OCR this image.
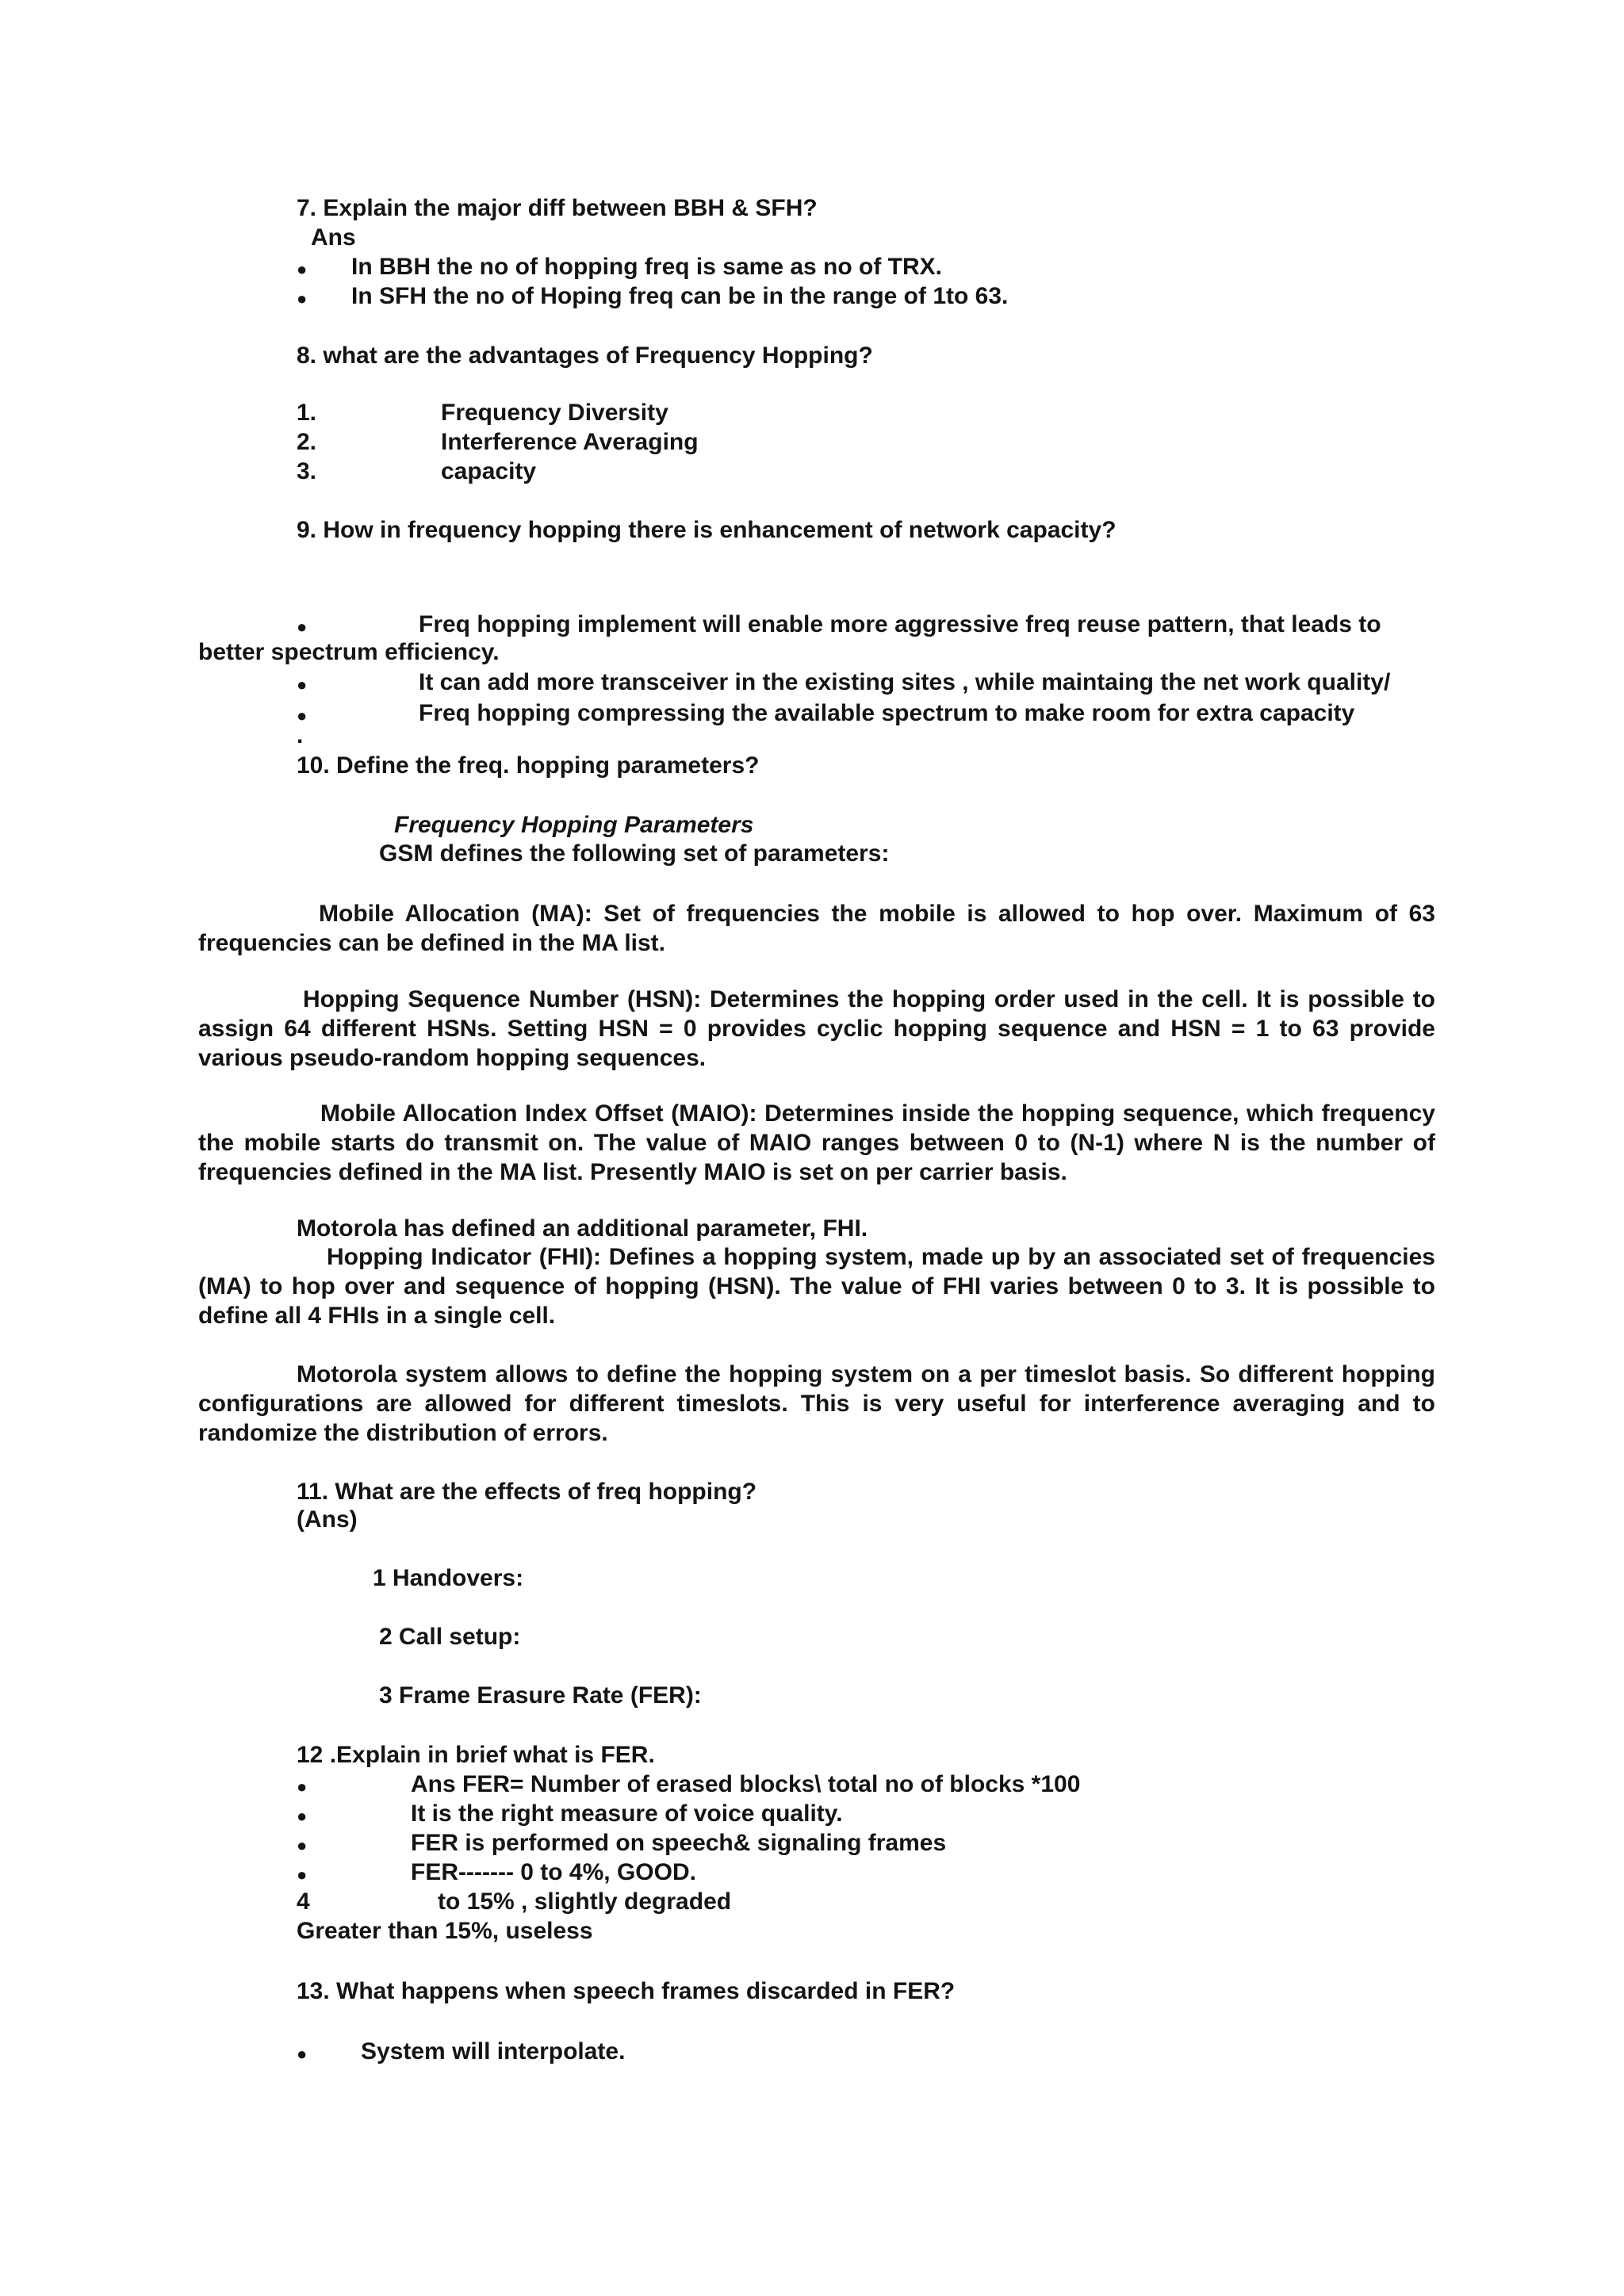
7. Explain the major diff between BBH & SFH?
Ans
● In BBH the no of hopping freq is same as no of TRX.
● In SFH the no of Hoping freq can be in the range of 1to 63.
8. what are the advantages of Frequency Hopping?
1.	Frequency Diversity
2.	Interference Averaging
3.	capacity
9. How in frequency hopping there is enhancement of network capacity?
●	Freq hopping implement will enable more aggressive freq reuse pattern, that leads to
better spectrum efficiency.
●	It can add more transceiver in the existing sites , while maintaing the net work quality/
●	Freq hopping compressing the available spectrum to make room for extra capacity
.
10. Define the freq. hopping parameters?
Frequency Hopping Parameters
GSM defines the following set of parameters:
Mobile Allocation (MA): Set of frequencies the mobile is allowed to hop over. Maximum of 63 frequencies can be defined in the MA list.
Hopping Sequence Number (HSN): Determines the hopping order used in the cell. It is possible to assign 64 different HSNs. Setting HSN = 0 provides cyclic hopping sequence and HSN = 1 to 63 provide various pseudo-random hopping sequences.
Mobile Allocation Index Offset (MAIO): Determines inside the hopping sequence, which frequency the mobile starts do transmit on. The value of MAIO ranges between 0 to (N-1) where N is the number of frequencies defined in the MA list. Presently MAIO is set on per carrier basis.
Motorola has defined an additional parameter, FHI.
Hopping Indicator (FHI): Defines a hopping system, made up by an associated set of frequencies (MA) to hop over and sequence of hopping (HSN). The value of FHI varies between 0 to 3. It is possible to define all 4 FHIs in a single cell.
Motorola system allows to define the hopping system on a per timeslot basis. So different hopping configurations are allowed for different timeslots. This is very useful for interference averaging and to randomize the distribution of errors.
11. What are the effects of freq hopping?
(Ans)
1 Handovers:
2 Call setup:
3 Frame Erasure Rate (FER):
12 .Explain in brief what is FER.
●	Ans FER= Number of erased blocks\ total no of blocks *100
●	It is the right measure of voice quality.
●	FER is performed on speech& signaling frames
●	FER------- 0 to 4%, GOOD.
4	to 15% , slightly degraded
Greater than 15%, useless
13. What happens when speech frames discarded in FER?
● System will interpolate.
